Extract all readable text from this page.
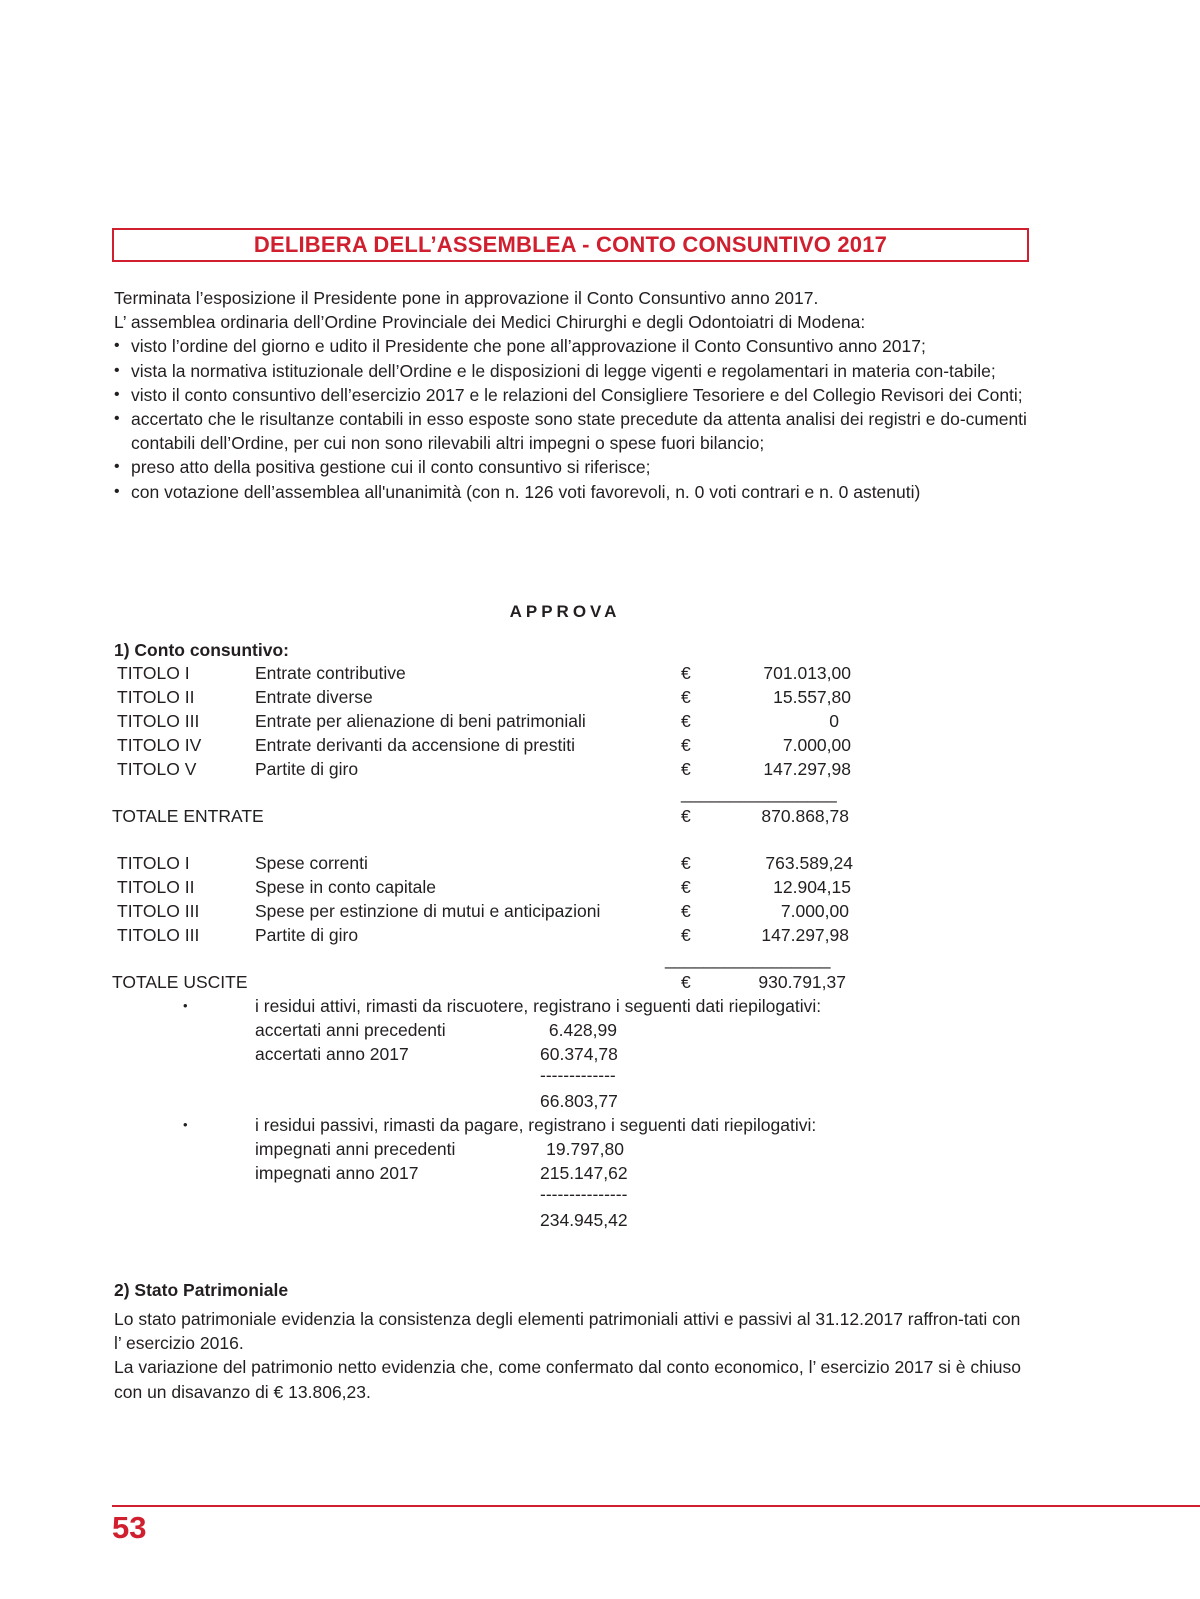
DELIBERA DELL’ASSEMBLEA - CONTO CONSUNTIVO 2017

Terminata l’esposizione il Presidente pone in approvazione il Conto Consuntivo anno 2017.

L’ assemblea ordinaria dell’Ordine Provinciale dei Medici Chirurghi e degli Odontoiatri di Modena:

• visto l’ordine del giorno e udito il Presidente che pone all’approvazione il Conto Consuntivo anno 2017;
• vista la normativa istituzionale dell’Ordine e le disposizioni di legge vigenti e regolamentari in materia con-tabile;
• visto il conto consuntivo dell’esercizio 2017 e le relazioni del Consigliere Tesoriere e del Collegio Revisori dei Conti;
• accertato che le risultanze contabili in esso esposte sono state precedute da attenta analisi dei registri e do-cumenti contabili dell’Ordine, per cui non sono rilevabili altri impegni o spese fuori bilancio;
• preso atto della positiva gestione cui il conto consuntivo si riferisce;
• con votazione dell’assemblea all'unanimità (con n. 126 voti favorevoli, n. 0 voti contrari e n. 0 astenuti)
APPROVA
1) Conto consuntivo:
TITOLO I	Entrate contributive	€	701.013,00
TITOLO II	Entrate diverse	€	15.557,80
TITOLO III	Entrate per alienazione di beni patrimoniali	€	0
TITOLO IV	Entrate derivanti da accensione di prestiti	€	7.000,00
TITOLO V	Partite di giro	€	147.297,98
________________
TOTALE ENTRATE	€	870.868,78
TITOLO I	Spese correnti	€	763.589,24
TITOLO II	Spese in conto capitale	€	12.904,15
TITOLO III	Spese per estinzione di mutui e anticipazioni	€	7.000,00
TITOLO III	Partite di giro	€	147.297,98
_________________
TOTALE USCITE	€	930.791,37
•	i residui attivi, rimasti da riscuotere, registrano i seguenti dati riepilogativi:
accertati anni precedenti	6.428,99
accertati anno 2017	60.374,78
-------------
66.803,77
•	i residui passivi, rimasti da pagare, registrano i seguenti dati riepilogativi:
impegnati anni precedenti	19.797,80
impegnati anno 2017	215.147,62
---------------
234.945,42
2) Stato Patrimoniale

Lo stato patrimoniale evidenzia la consistenza degli elementi patrimoniali attivi e passivi al 31.12.2017 raffron-tati con l’ esercizio 2016.

La variazione del patrimonio netto evidenzia che, come confermato dal conto economico, l’ esercizio 2017 si è chiuso con un disavanzo di € 13.806,23.

53
